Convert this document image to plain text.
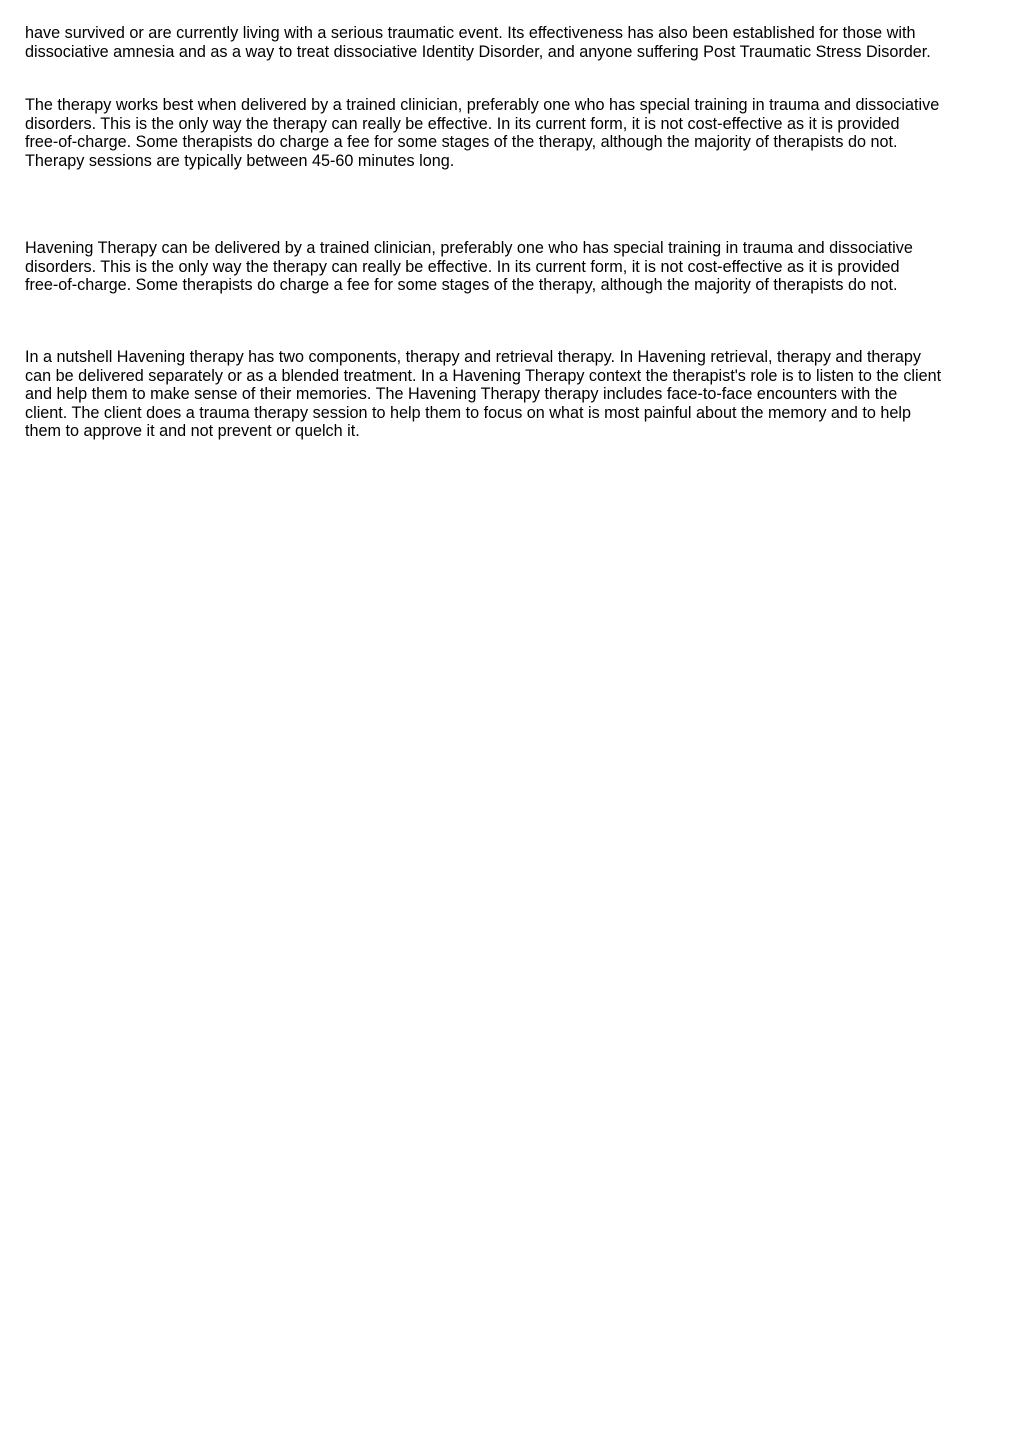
have survived or are currently living with a serious traumatic event. Its effectiveness has also been established for those with
dissociative amnesia and as a way to treat dissociative Identity Disorder, and anyone suffering Post Traumatic Stress Disorder.

The therapy works best when delivered by a trained clinician, preferably one who has special training in trauma and dissociative
disorders. This is the only way the therapy can really be effective. In its current form, it is not cost-effective as it is provided
free-of-charge. Some therapists do charge a fee for some stages of the therapy, although the majority of therapists do not.
Therapy sessions are typically between 45-60 minutes long.

Havening Therapy can be delivered by a trained clinician, preferably one who has special training in trauma and dissociative
disorders. This is the only way the therapy can really be effective. In its current form, it is not cost-effective as it is provided
free-of-charge. Some therapists do charge a fee for some stages of the therapy, although the majority of therapists do not.

In a nutshell Havening therapy has two components, therapy and retrieval therapy. In Havening retrieval, therapy and therapy
can be delivered separately or as a blended treatment. In a Havening Therapy context the therapist's role is to listen to the client
and help them to make sense of their memories. The Havening Therapy therapy includes face-to-face encounters with the
client. The client does a trauma therapy session to help them to focus on what is most painful about the memory and to help
them to approve it and not prevent or quelch it.
